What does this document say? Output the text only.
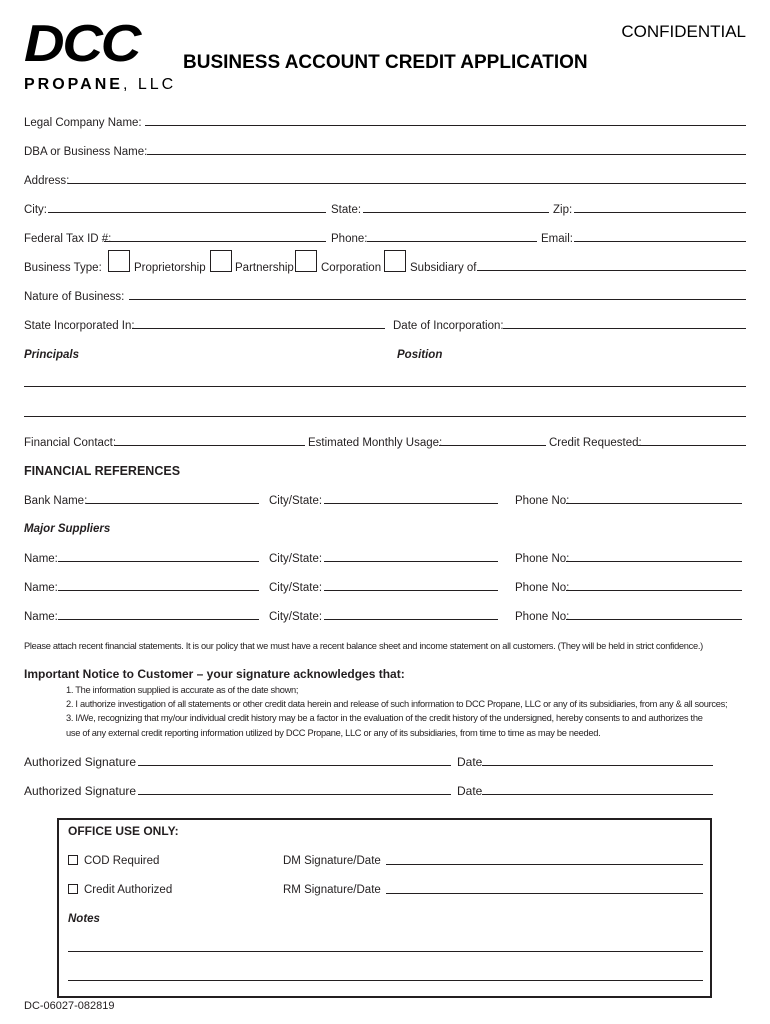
DCC
PROPANE, LLC
CONFIDENTIAL
BUSINESS ACCOUNT CREDIT APPLICATION
Legal Company Name:
DBA or Business Name:
Address:
City:	State:	Zip:
Federal Tax ID #:	Phone:	Email:
Business Type:	Proprietorship	Partnership Corporation	Subsidiary of
Nature of Business:
State Incorporated In:	Date of Incorporation:
Principals	Position
Financial Contact:	Estimated Monthly Usage:	Credit Requested:
FINANCIAL REFERENCES
Bank Name:	City/State:	Phone No:
Major Suppliers
Name:	City/State:	Phone No:
Name:	City/State:	Phone No:
Name:	City/State:	Phone No:
Please attach recent financial statements. It is our policy that we must have a recent balance sheet and income statement on all customers. (They will be held in strict confidence.)
Important Notice to Customer – your signature acknowledges that:
1. The information supplied is accurate as of the date shown;
2. I authorize investigation of all statements or other credit data herein and release of such information to DCC Propane, LLC or any of its subsidiaries, from any & all sources;
3. I/We, recognizing that my/our individual credit history may be a factor in the evaluation of the credit history of the undersigned, hereby consents to and authorizes the
use of any external credit reporting information utilized by DCC Propane, LLC or any of its subsidiaries, from time to time as may be needed.
Authorized Signature	Date
Authorized Signature	Date
OFFICE USE ONLY:
COD Required	DM Signature/Date
Credit Authorized	RM Signature/Date
Notes
DC-06027-082819
